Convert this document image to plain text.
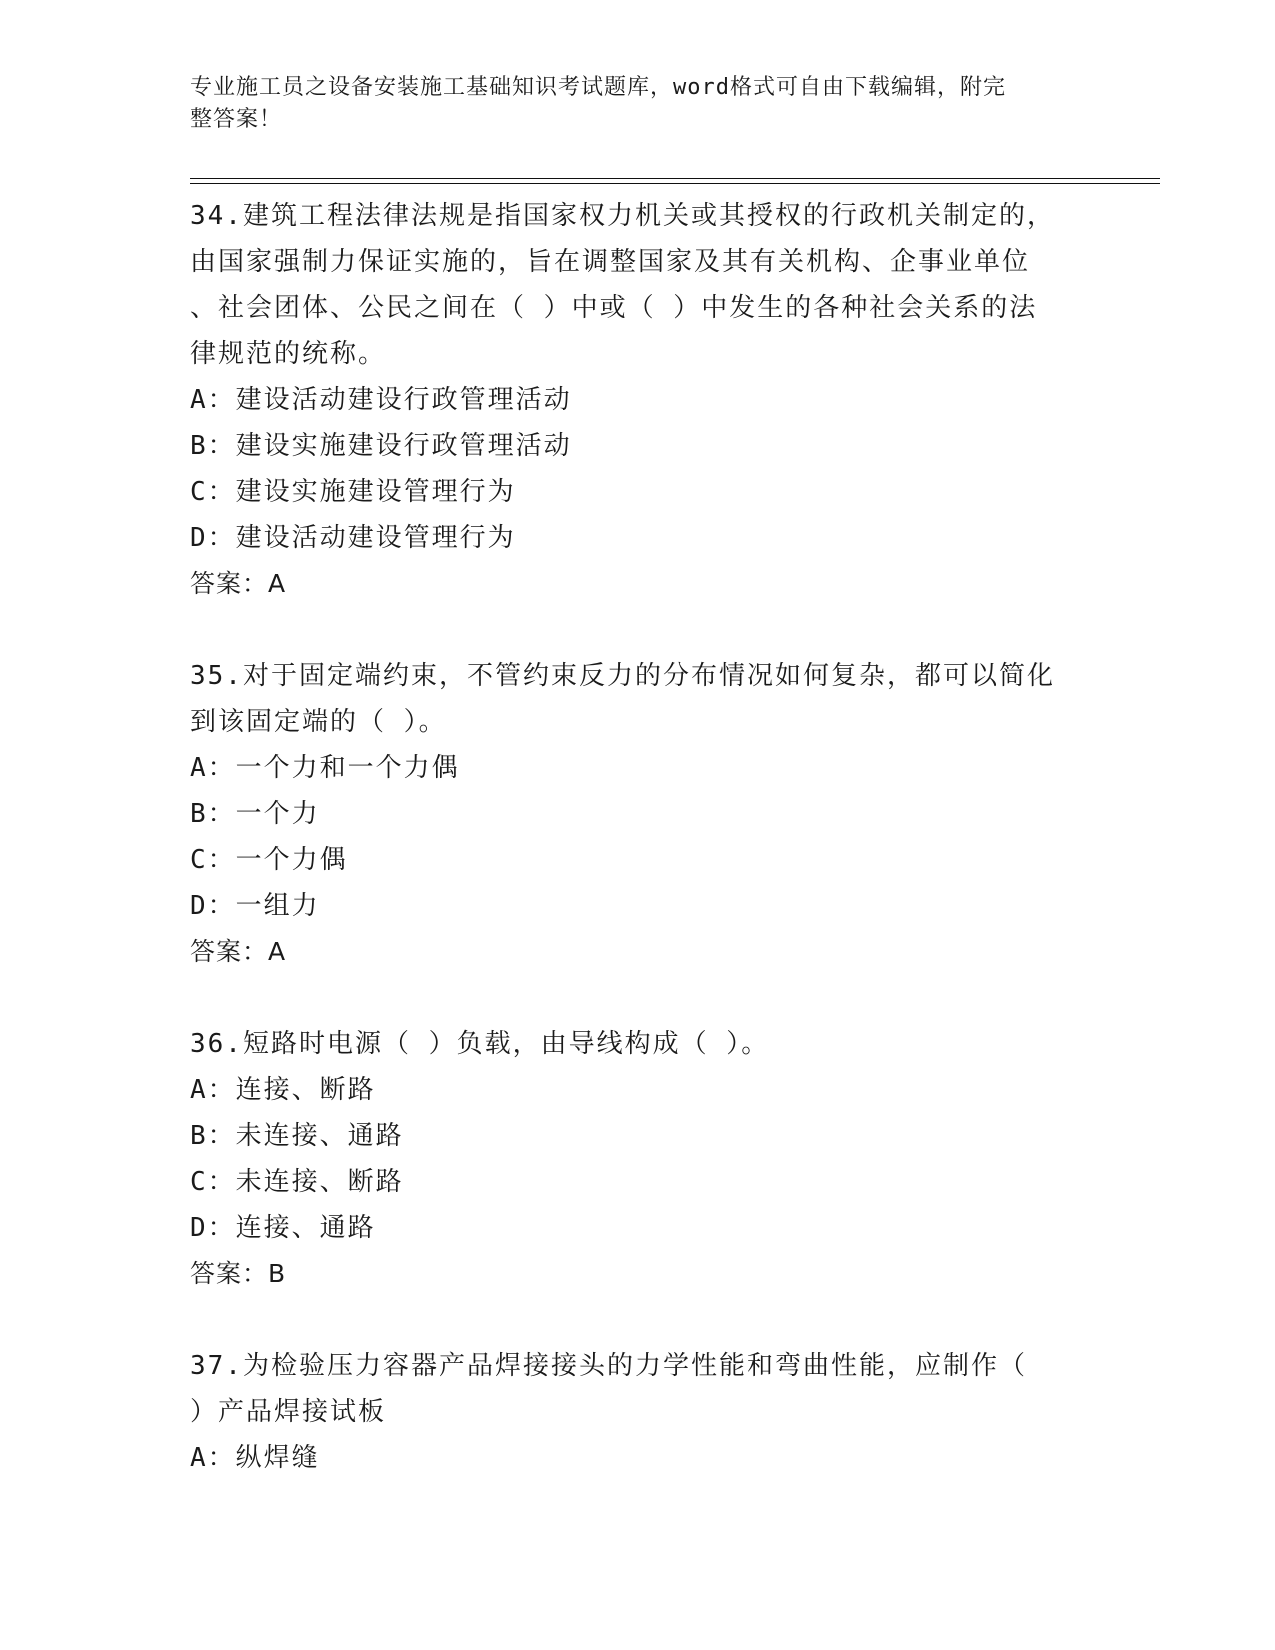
专业施工员之设备安装施工基础知识考试题库，word格式可自由下载编辑，附完
整答案！
34.建筑工程法律法规是指国家权力机关或其授权的行政机关制定的，
由国家强制力保证实施的，旨在调整国家及其有关机构、企事业单位
、社会团体、公民之间在（ ）中或（ ）中发生的各种社会关系的法
律规范的统称。
A：建设活动建设行政管理活动
B：建设实施建设行政管理活动
C：建设实施建设管理行为
D：建设活动建设管理行为
答案：A
35.对于固定端约束，不管约束反力的分布情况如何复杂，都可以简化
到该固定端的（ ）。
A：一个力和一个力偶
B：一个力
C：一个力偶
D：一组力
答案：A
36.短路时电源（ ）负载，由导线构成（ ）。
A：连接、断路
B：未连接、通路
C：未连接、断路
D：连接、通路
答案：B
37.为检验压力容器产品焊接接头的力学性能和弯曲性能，应制作（
）产品焊接试板
A：纵焊缝
